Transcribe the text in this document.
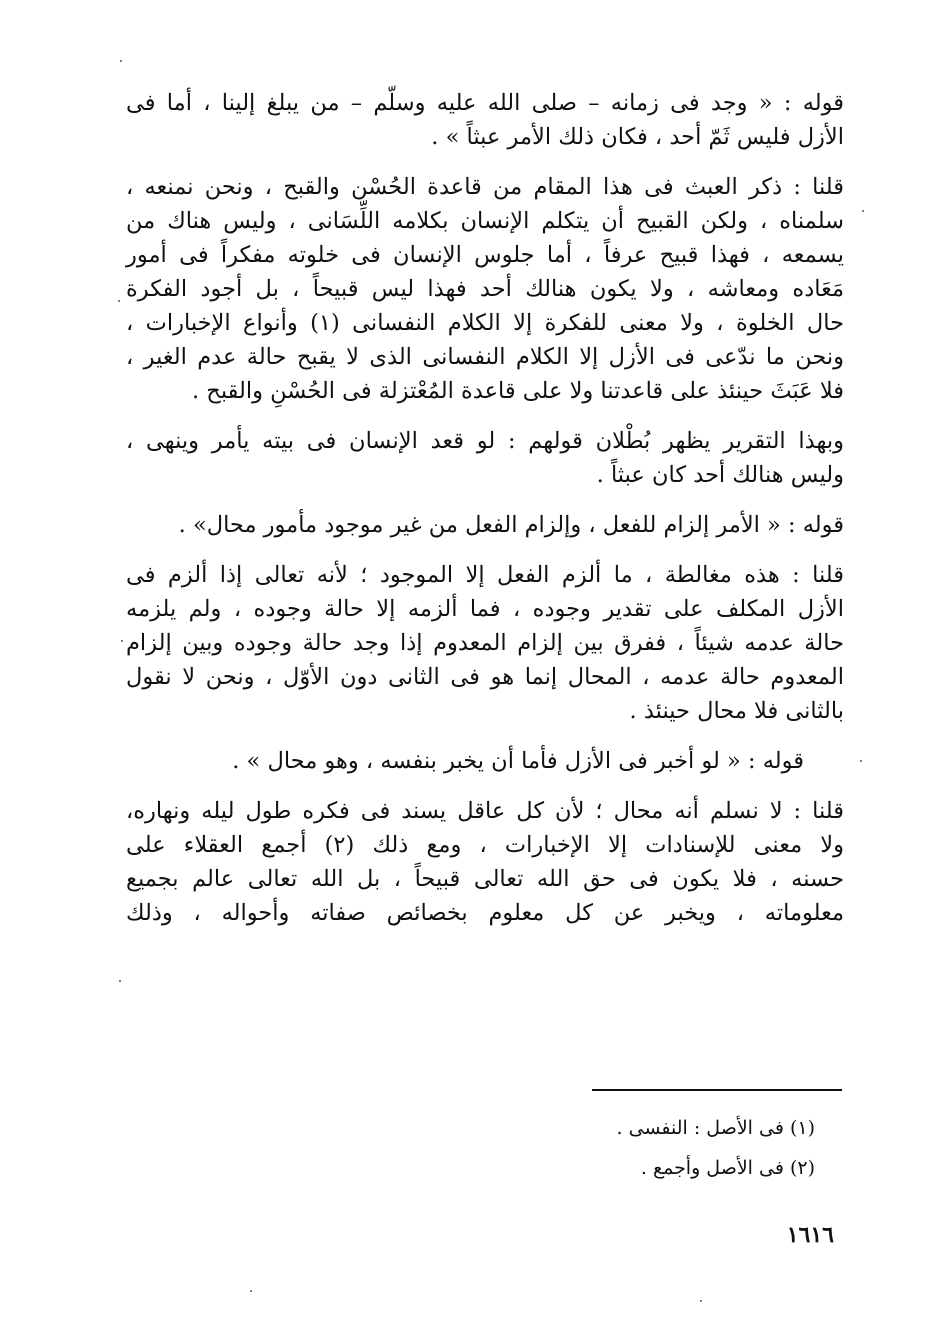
قوله : « وجد فى زمانه – صلى الله عليه وسلّم – من يبلغ إلينا ، أما فى
الأزل فليس ثَمّ أحد ، فكان ذلك الأمر عبثاً » .
قلنا : ذكر العبث فى هذا المقام من قاعدة الحُسْن والقبح ، ونحن نمنعه ،
سلمناه ، ولكن القبيح أن يتكلم الإنسان بكلامه اللِّسَانى ، وليس هناك من
يسمعه ، فهذا قبيح عرفاً ، أما جلوس الإنسان فى خلوته مفكراً فى أمور
مَعَاده ومعاشه ، ولا يكون هنالك أحد فهذا ليس قبيحاً ، بل أجود الفكرة
حال الخلوة ، ولا معنى للفكرة إلا الكلام النفسانى (١) وأنواع الإخبارات ،
ونحن ما ندّعى فى الأزل إلا الكلام النفسانى الذى لا يقبح حالة عدم الغير ،
فلا عَبَثَ حينئذ على قاعدتنا ولا على قاعدة المُعْتزلة فى الحُسْنِ والقبح .
وبهذا التقرير يظهر بُطْلان قولهم : لو قعد الإنسان فى بيته يأمر وينهى ،
وليس هنالك أحد كان عبثاً .
قوله : « الأمر إلزام للفعل ، وإلزام الفعل من غير موجود مأمور محال» .
قلنا : هذه مغالطة ، ما ألزم الفعل إلا الموجود ؛ لأنه تعالى إذا ألزم فى
الأزل المكلف على تقدير وجوده ، فما ألزمه إلا حالة وجوده ، ولم يلزمه
حالة عدمه شيئاً ، ففرق بين إلزام المعدوم إذا وجد حالة وجوده وبين إلزام
المعدوم حالة عدمه ، المحال إنما هو فى الثانى دون الأوّل ، ونحن لا نقول
بالثانى فلا محال حينئذ .
قوله : « لو أخبر فى الأزل فأما أن يخبر بنفسه ، وهو محال » .
قلنا : لا نسلم أنه محال ؛ لأن كل عاقل يسند فى فكره طول ليله ونهاره،
ولا معنى للإسنادات إلا الإخبارات ، ومع ذلك (٢) أجمع العقلاء على
حسنه ، فلا يكون فى حق الله تعالى قبيحاً ، بل الله تعالى عالم بجميع
معلوماته ، ويخبر عن كل معلوم بخصائص صفاته وأحواله ، وذلك
(١) فى الأصل : النفسى .
(٢) فى الأصل وأجمع .
١٦١٦
